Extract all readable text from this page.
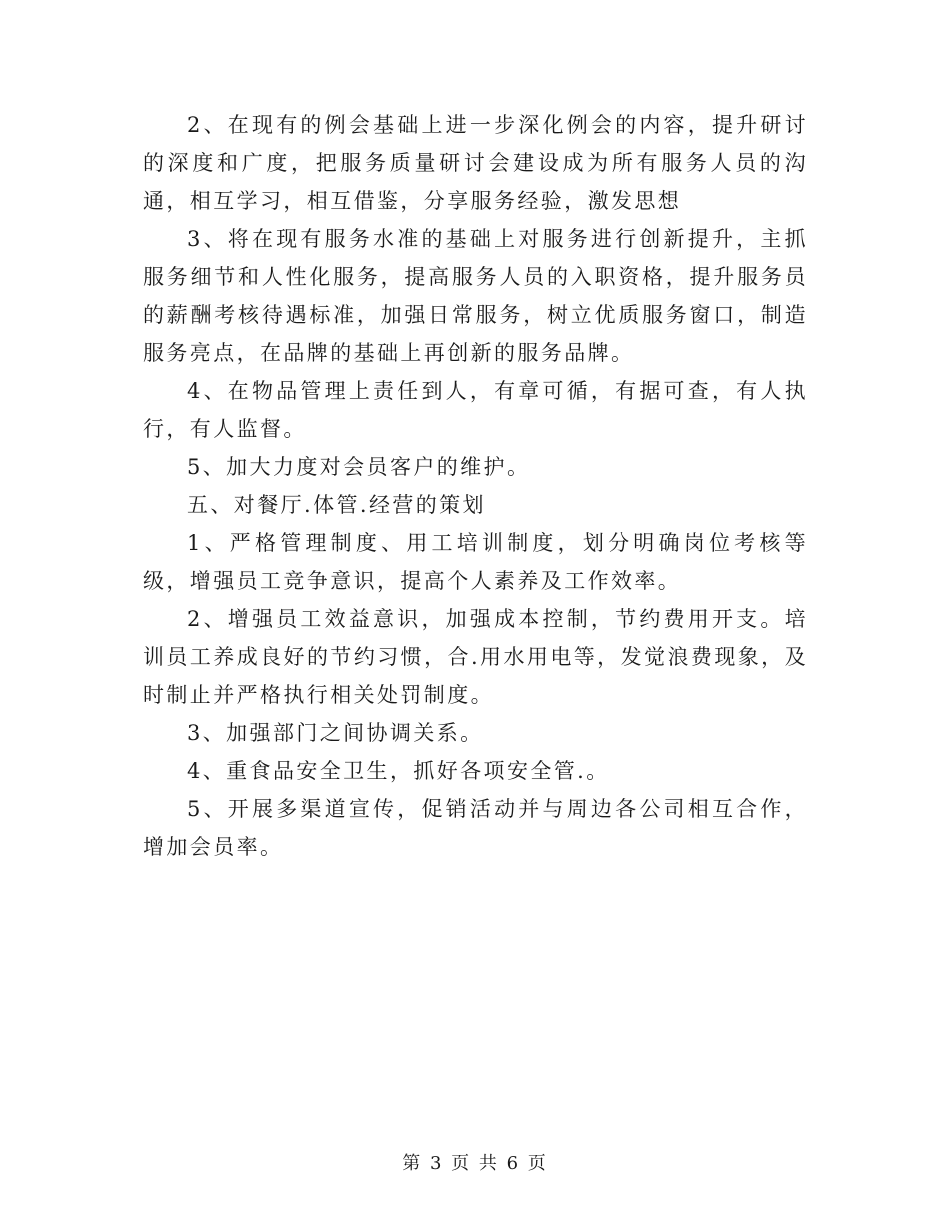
2、在现有的例会基础上进一步深化例会的内容，提升研讨的深度和广度，把服务质量研讨会建设成为所有服务人员的沟通，相互学习，相互借鉴，分享服务经验，激发思想

3、将在现有服务水准的基础上对服务进行创新提升，主抓服务细节和人性化服务，提高服务人员的入职资格，提升服务员的薪酬考核待遇标准，加强日常服务，树立优质服务窗口，制造服务亮点，在品牌的基础上再创新的服务品牌。

4、在物品管理上责任到人，有章可循，有据可查，有人执行，有人监督。

5、加大力度对会员客户的维护。

五、对餐厅.体管.经营的策划

1、严格管理制度、用工培训制度，划分明确岗位考核等级，增强员工竞争意识，提高个人素养及工作效率。

2、增强员工效益意识，加强成本控制，节约费用开支。培训员工养成良好的节约习惯，合.用水用电等，发觉浪费现象，及时制止并严格执行相关处罚制度。

3、加强部门之间协调关系。

4、重食品安全卫生，抓好各项安全管.。

5、开展多渠道宣传，促销活动并与周边各公司相互合作，增加会员率。

第 3 页 共 6 页
